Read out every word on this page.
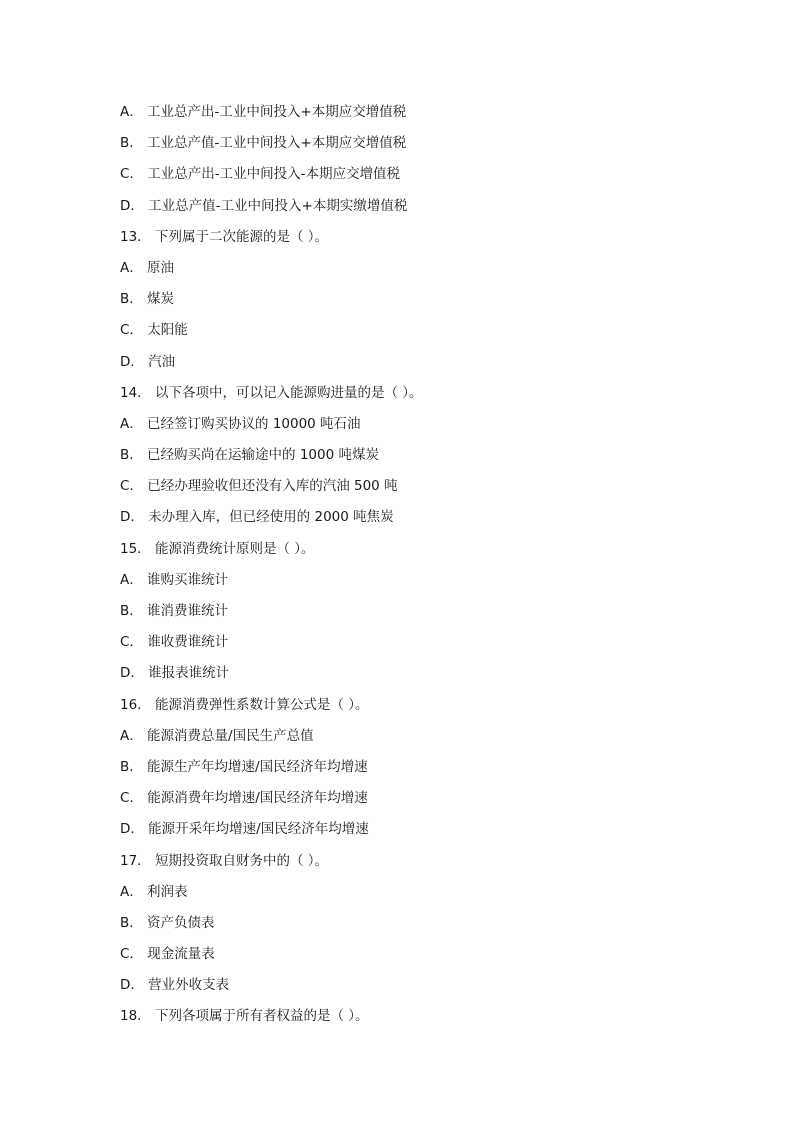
A． 工业总产出-工业中间投入+本期应交增值税
B． 工业总产值-工业中间投入+本期应交增值税
C． 工业总产出-工业中间投入-本期应交增值税
D． 工业总产值-工业中间投入+本期实缴增值税
13． 下列属于二次能源的是（ ）。
A． 原油
B． 煤炭
C． 太阳能
D． 汽油
14． 以下各项中，可以记入能源购进量的是（ ）。
A． 已经签订购买协议的 10000 吨石油
B． 已经购买尚在运输途中的 1000 吨煤炭
C． 已经办理验收但还没有入库的汽油 500 吨
D． 未办理入库，但已经使用的 2000 吨焦炭
15． 能源消费统计原则是（ ）。
A． 谁购买谁统计
B． 谁消费谁统计
C． 谁收费谁统计
D． 谁报表谁统计
16． 能源消费弹性系数计算公式是（ ）。
A． 能源消费总量/国民生产总值
B． 能源生产年均增速/国民经济年均增速
C． 能源消费年均增速/国民经济年均增速
D． 能源开采年均增速/国民经济年均增速
17． 短期投资取自财务中的（ ）。
A． 利润表
B． 资产负债表
C． 现金流量表
D． 营业外收支表
18． 下列各项属于所有者权益的是（ ）。
